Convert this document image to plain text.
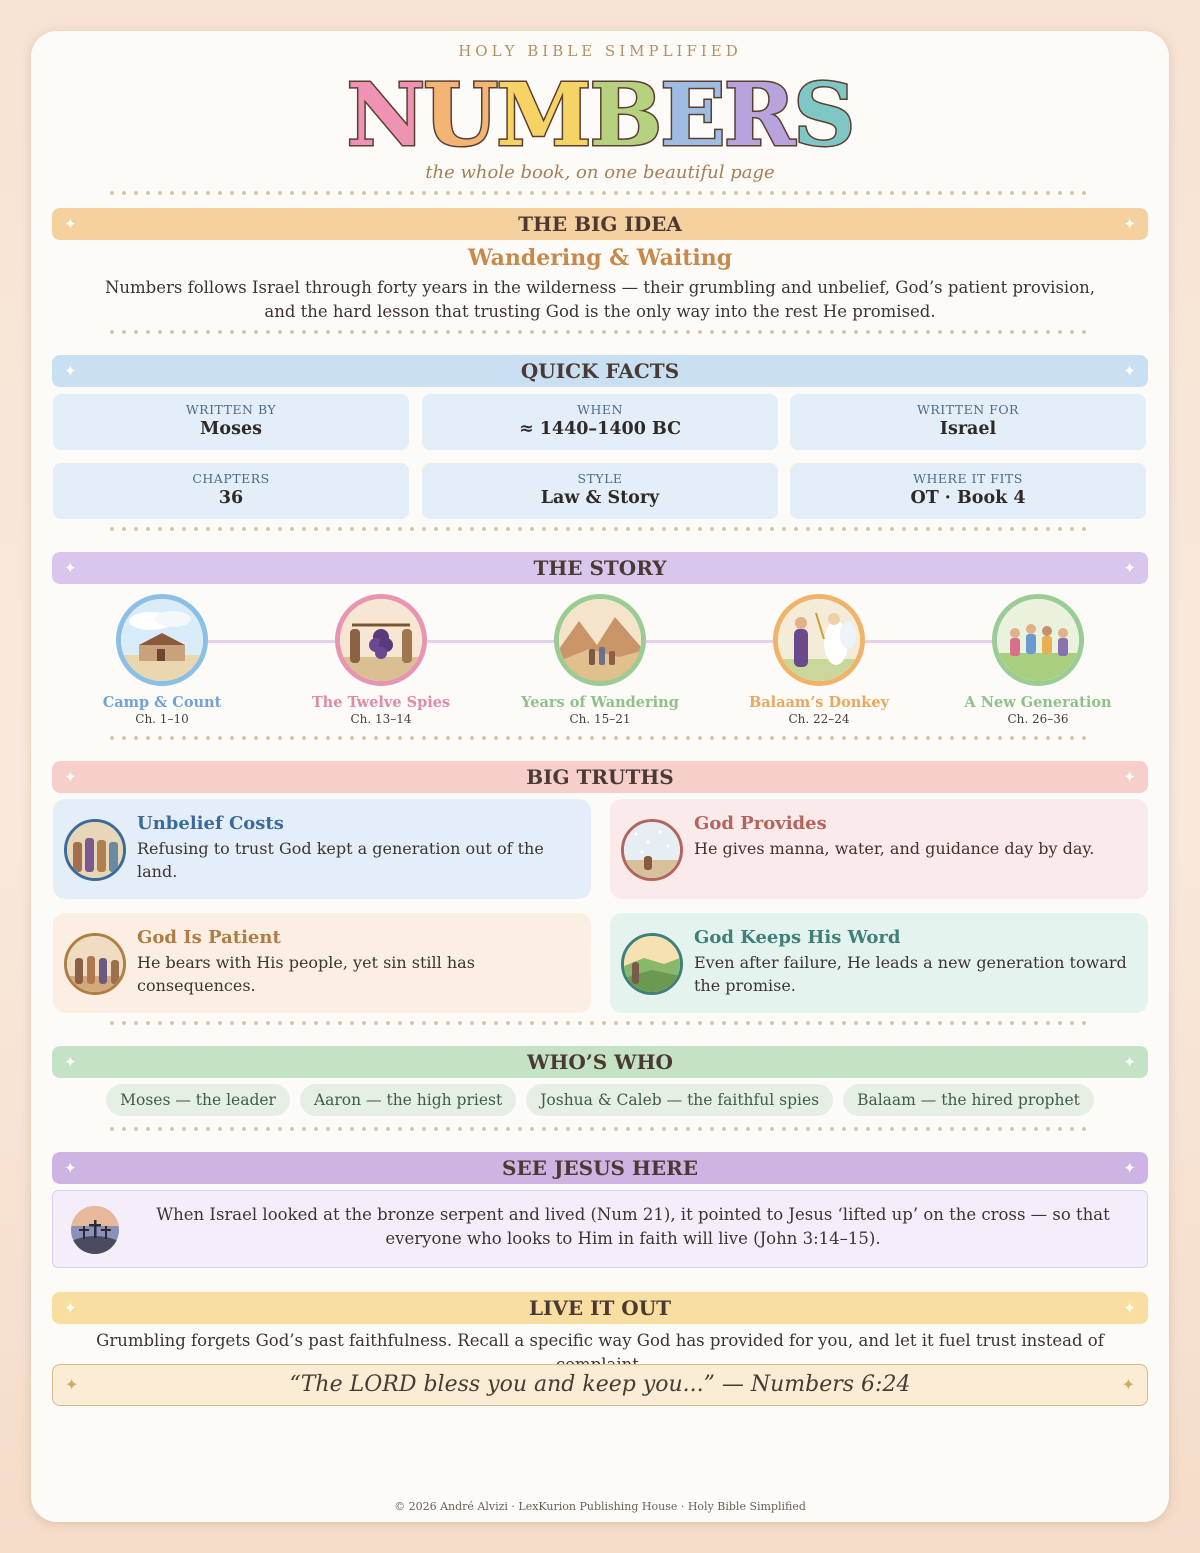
HOLY BIBLE SIMPLIFIED
NUMBERS
the whole book, on one beautiful page
✦	THE BIG IDEA	✦
Wandering & Waiting
Numbers follows Israel through forty years in the wilderness — their grumbling and unbelief, God’s patient provision, and the hard lesson that trusting God is the only way into the rest He promised.
✦	QUICK FACTS	✦
WRITTEN BY
Moses
WHEN
≈ 1440–1400 BC
WRITTEN FOR
Israel
CHAPTERS
36
STYLE
Law & Story
WHERE IT FITS
OT · Book 4
✦	THE STORY	✦
Camp & Count
Ch. 1–10
The Twelve Spies
Ch. 13–14
Years of Wandering
Ch. 15–21
Balaam’s Donkey
Ch. 22–24
A New Generation
Ch. 26–36
✦	BIG TRUTHS	✦
Unbelief Costs
Refusing to trust God kept a generation out of the land.
God Provides
He gives manna, water, and guidance day by day.
God Is Patient
He bears with His people, yet sin still has consequences.
God Keeps His Word
Even after failure, He leads a new generation toward the promise.
✦	WHO’S WHO	✦
Moses — the leader Aaron — the high priest Joshua & Caleb — the faithful spies Balaam — the hired prophet
✦	SEE JESUS HERE	✦
When Israel looked at the bronze serpent and lived (Num 21), it pointed to Jesus ‘lifted up’ on the cross — so that everyone who looks to Him in faith will live (John 3:14–15).
✦	LIVE IT OUT	✦
Grumbling forgets God’s past faithfulness. Recall a specific way God has provided for you, and let it fuel trust instead of
✦	“The LORD bless you and keep you...” — Numbers 6:24	✦
© 2026 André Alvizi · LexKurion Publishing House · Holy Bible Simplified
